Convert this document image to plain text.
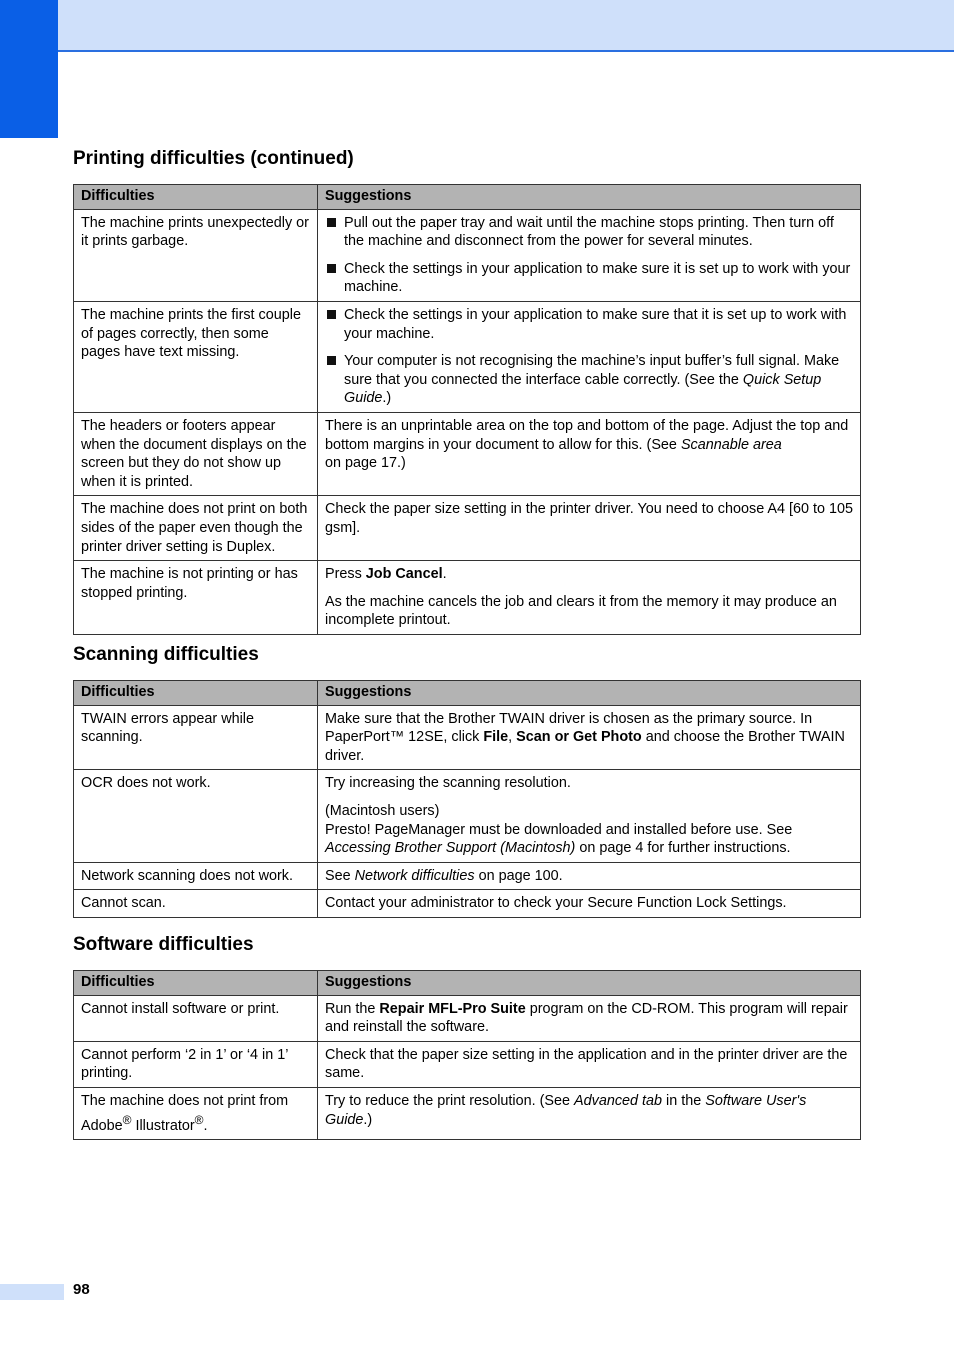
Printing difficulties (continued)
Difficulties	Suggestions
The machine prints unexpectedly or it prints garbage.	Pull out the paper tray and wait until the machine stops printing. Then turn off the machine and disconnect from the power for several minutes.
Check the settings in your application to make sure it is set up to work with your machine.

The machine prints the first couple of pages correctly, then some pages have text missing.	Check the settings in your application to make sure that it is set up to work with your machine.
Your computer is not recognising the machine’s input buffer’s full signal. Make sure that you connected the interface cable correctly. (See the Quick Setup Guide.)

The headers or footers appear when the document displays on the screen but they do not show up when it is printed.	There is an unprintable area on the top and bottom of the page. Adjust the top and bottom margins in your document to allow for this. (See Scannable area
on page 17.)
The machine does not print on both sides of the paper even though the printer driver setting is Duplex.	Check the paper size setting in the printer driver. You need to choose A4 [60 to 105 gsm].
The machine is not printing or has stopped printing.	Press Job Cancel.
As the machine cancels the job and clears it from the memory it may produce an incomplete printout.
Scanning difficulties
Difficulties	Suggestions
TWAIN errors appear while scanning.	Make sure that the Brother TWAIN driver is chosen as the primary source. In PaperPort™ 12SE, click File, Scan or Get Photo and choose the Brother TWAIN driver.
OCR does not work.	Try increasing the scanning resolution.
(Macintosh users)
Presto! PageManager must be downloaded and installed before use. See Accessing Brother Support (Macintosh) on page 4 for further instructions.

Network scanning does not work.	See Network difficulties on page 100.
Cannot scan.	Contact your administrator to check your Secure Function Lock Settings.
Software difficulties
Difficulties	Suggestions
Cannot install software or print.	Run the Repair MFL-Pro Suite program on the CD-ROM. This program will repair and reinstall the software.
Cannot perform ‘2 in 1’ or ‘4 in 1’ printing.	Check that the paper size setting in the application and in the printer driver are the same.
The machine does not print from Adobe® Illustrator®.	Try to reduce the print resolution. (See Advanced tab in the Software User's Guide.)
98
